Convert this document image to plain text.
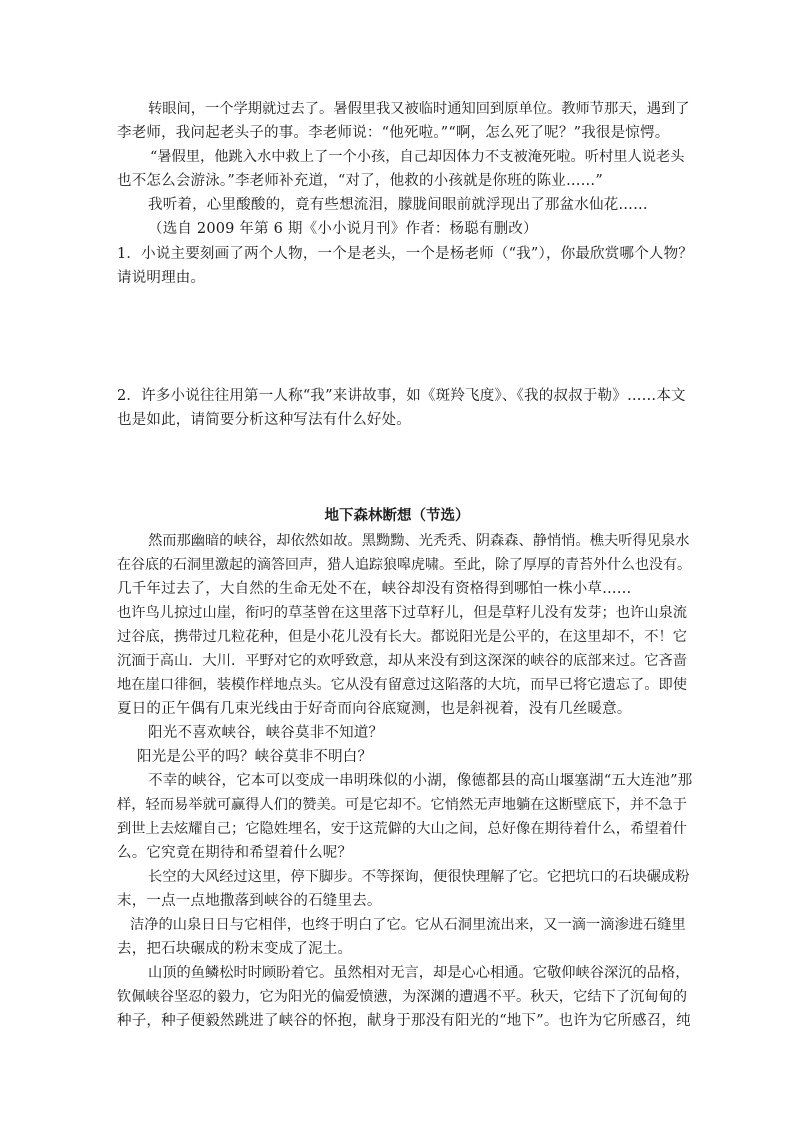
转眼间，一个学期就过去了。暑假里我又被临时通知回到原单位。教师节那天，遇到了

李老师，我问起老头子的事。李老师说：“他死啦。”“啊，怎么死了呢？”我很是惊愕。

“暑假里，他跳入水中救上了一个小孩，自己却因体力不支被淹死啦。听村里人说老头

也不怎么会游泳。”李老师补充道，“对了，他救的小孩就是你班的陈业……”

我听着，心里酸酸的，竟有些想流泪，朦胧间眼前就浮现出了那盆水仙花……

（选自 2009 年第 6 期《小小说月刊》作者：杨聪有删改）

1．小说主要刻画了两个人物，一个是老头，一个是杨老师（“我”），你最欣赏哪个人物？

请说明理由。

2．许多小说往往用第一人称“我”来讲故事，如《斑羚飞度》、《我的叔叔于勒》……本文

也是如此，请简要分析这种写法有什么好处。

地下森林断想（节选）

然而那幽暗的峡谷，却依然如故。黑黝黝、光秃秃、阴森森、静悄悄。樵夫听得见泉水

在谷底的石洞里激起的滴答回声，猎人追踪狼嗥虎啸。至此，除了厚厚的青苔外什么也没有。

几千年过去了，大自然的生命无处不在，峡谷却没有资格得到哪怕一株小草……

也许鸟儿掠过山崖，衔叼的草茎曾在这里落下过草籽儿，但是草籽儿没有发芽；也许山泉流

过谷底，携带过几粒花种，但是小花儿没有长大。都说阳光是公平的，在这里却不，不！它

沉湎于高山．大川．平野对它的欢呼致意，却从来没有到这深深的峡谷的底部来过。它吝啬

地在崖口徘徊，装模作样地点头。它从没有留意过这陷落的大坑，而早已将它遗忘了。即使

夏日的正午偶有几束光线由于好奇而向谷底窥测，也是斜视着，没有几丝暖意。

阳光不喜欢峡谷，峡谷莫非不知道？

阳光是公平的吗？峡谷莫非不明白？

不幸的峡谷，它本可以变成一串明珠似的小湖，像德都县的高山堰塞湖“五大连池”那

样，轻而易举就可赢得人们的赞美。可是它却不。它悄然无声地躺在这断壁底下，并不急于

到世上去炫耀自己；它隐姓埋名，安于这荒僻的大山之间，总好像在期待着什么，希望着什

么。它究竟在期待和希望着什么呢？

长空的大风经过这里，停下脚步。不等探询，便很快理解了它。它把坑口的石块碾成粉

末，一点一点地撒落到峡谷的石缝里去。

洁净的山泉日日与它相伴，也终于明白了它。它从石洞里流出来，又一滴一滴渗进石缝里

去，把石块碾成的粉末变成了泥土。

山顶的鱼鳞松时时顾盼着它。虽然相对无言，却是心心相通。它敬仰峡谷深沉的品格，

钦佩峡谷坚忍的毅力，它为阳光的偏爱愤懑，为深渊的遭遇不平。秋天，它结下了沉甸甸的

种子，种子便毅然跳进了峡谷的怀抱，献身于那没有阳光的“地下”。也许为它所感召，纯
